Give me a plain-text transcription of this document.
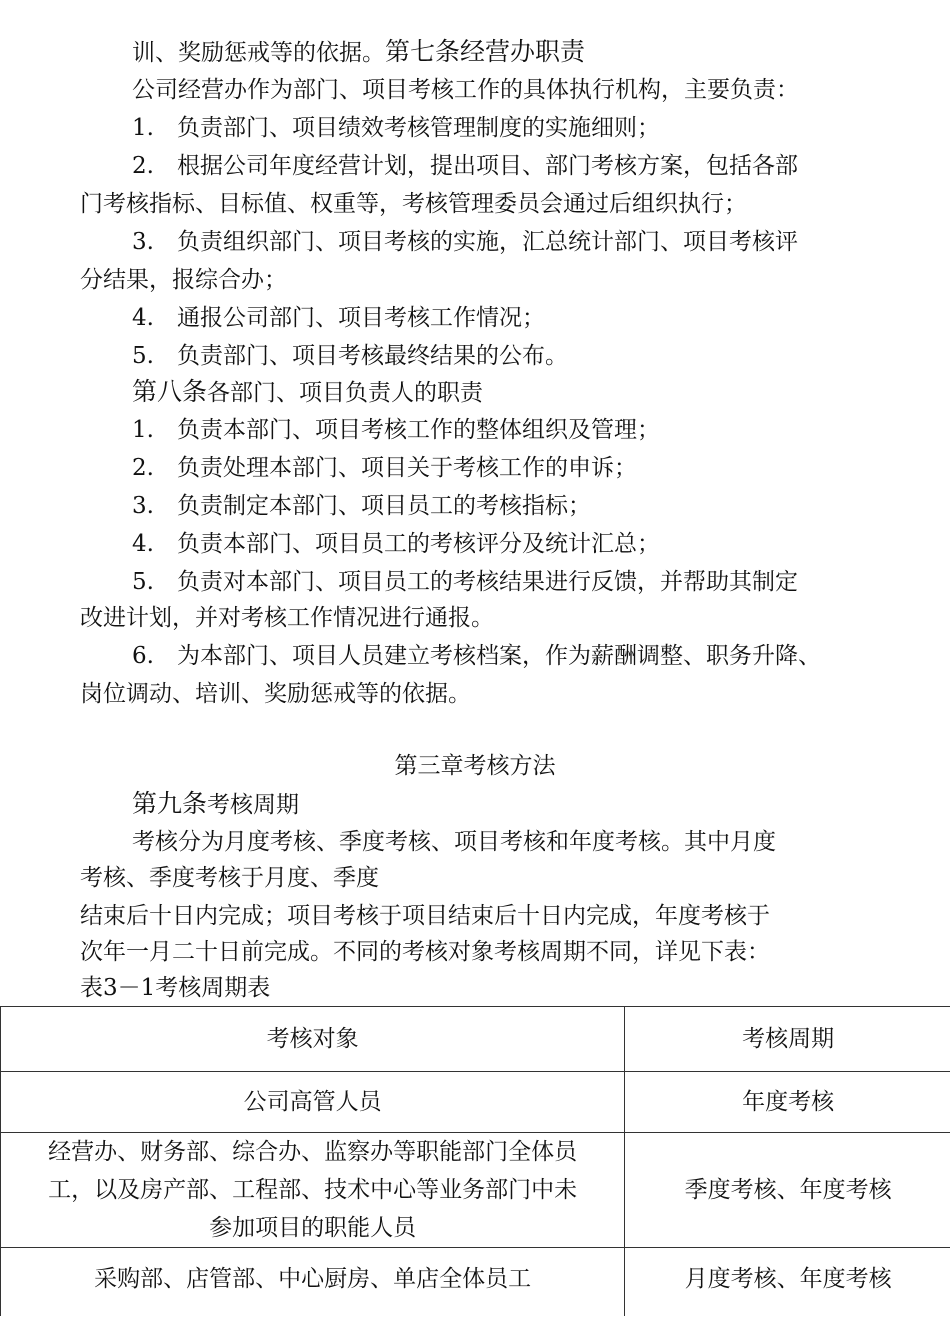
训、奖励惩戒等的依据。第七条经营办职责
公司经营办作为部门、项目考核工作的具体执行机构，主要负责：
1.　负责部门、项目绩效考核管理制度的实施细则；
2.　根据公司年度经营计划，提出项目、部门考核方案，包括各部
门考核指标、目标值、权重等，考核管理委员会通过后组织执行；
3.　负责组织部门、项目考核的实施，汇总统计部门、项目考核评
分结果，报综合办；
4.　通报公司部门、项目考核工作情况；
5.　负责部门、项目考核最终结果的公布。
第八条各部门、项目负责人的职责
1.　负责本部门、项目考核工作的整体组织及管理；
2.　负责处理本部门、项目关于考核工作的申诉；
3.　负责制定本部门、项目员工的考核指标；
4.　负责本部门、项目员工的考核评分及统计汇总；
5.　负责对本部门、项目员工的考核结果进行反馈，并帮助其制定
改进计划，并对考核工作情况进行通报。
6.　为本部门、项目人员建立考核档案，作为薪酬调整、职务升降、
岗位调动、培训、奖励惩戒等的依据。
第三章考核方法
第九条考核周期
考核分为月度考核、季度考核、项目考核和年度考核。其中月度
考核、季度考核于月度、季度
结束后十日内完成；项目考核于项目结束后十日内完成，年度考核于
次年一月二十日前完成。不同的考核对象考核周期不同，详见下表：
表3－1考核周期表
考核对象	考核周期

公司高管人员	年度考核

经营办、财务部、综合办、监察办等职能部门全体员
工，以及房产部、工程部、技术中心等业务部门中未
参加项目的职能人员	季度考核、年度考核

采购部、店管部、中心厨房、单店全体员工	月度考核、年度考核
